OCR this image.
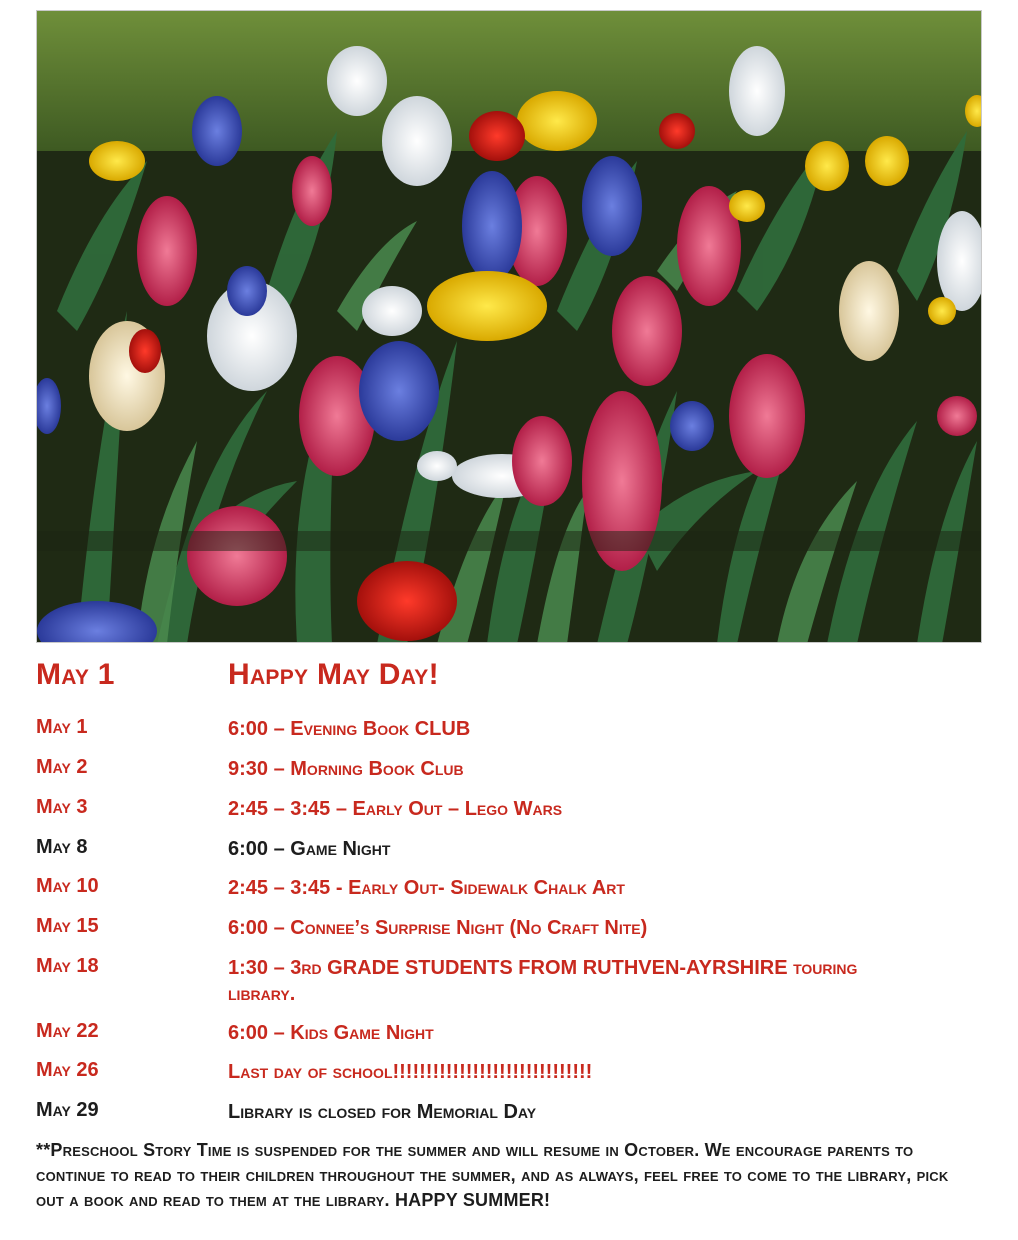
May 1	Happy May Day!
May 1	6:00 – Evening Book CLUB
May 2	9:30 – Morning Book Club
May 3	2:45 – 3:45 – Early Out – Lego Wars
May 8	6:00 – Game Night
May 10	2:45 – 3:45 - Early Out- Sidewalk Chalk Art
May 15	6:00 – Connee’s Surprise Night (No Craft Nite)
May 18	1:30 – 3rd GRADE STUDENTS FROM RUTHVEN-AYRSHIRE touring library.
May 22	6:00 – Kids Game Night
May 26	Last day of school!!!!!!!!!!!!!!!!!!!!!!!!!!!!!!
May 29	Library is closed for Memorial Day
**Preschool Story Time is suspended for the summer and will resume in October. We encourage parents to continue to read to their children throughout the summer, and as always, feel free to come to the library, pick out a book and read to them at the library. HAPPY SUMMER!
